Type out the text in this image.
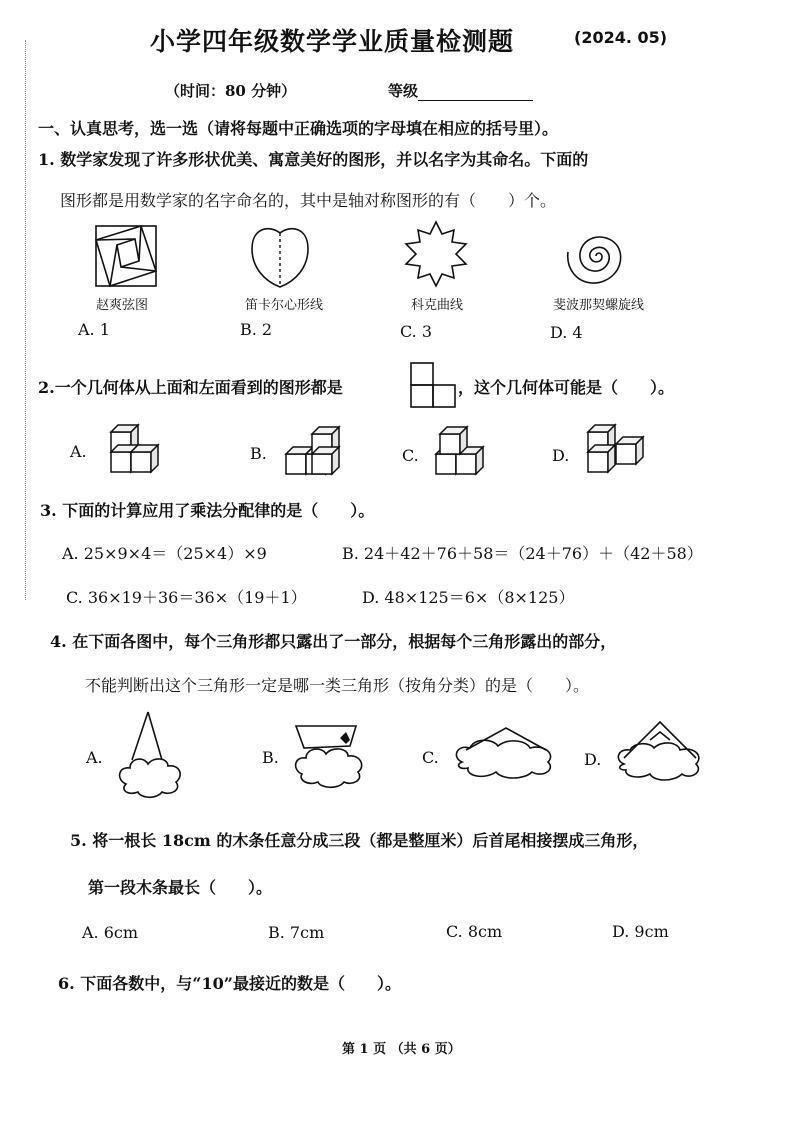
小学四年级数学学业质量检测题	(2024. 05)
（时间：80 分钟）	等级
一、认真思考，选一选（请将每题中正确选项的字母填在相应的括号里）。
1. 数学家发现了许多形状优美、寓意美好的图形，并以名字为其命名。下面的
图形都是用数学家的名字命名的，其中是轴对称图形的有（　　）个。
赵爽弦图	笛卡尔心形线	科克曲线	斐波那契螺旋线
A. 1	B. 2	C. 3	D. 4
2.一个几何体从上面和左面看到的图形都是	，这个几何体可能是（　　）。
A.	B.	C.	D.
3. 下面的计算应用了乘法分配律的是（　　）。
A. 25×9×4＝（25×4）×9	B. 24＋42＋76＋58＝（24＋76）＋（42＋58）
C. 36×19＋36＝36×（19＋1）	D. 48×125＝6×（8×125）
4. 在下面各图中，每个三角形都只露出了一部分，根据每个三角形露出的部分，
不能判断出这个三角形一定是哪一类三角形（按角分类）的是（　　）。
A.	B.	C.	D.
5. 将一根长 18cm 的木条任意分成三段（都是整厘米）后首尾相接摆成三角形，
第一段木条最长（　　）。
A. 6cm	B. 7cm	C. 8cm	D. 9cm
6. 下面各数中，与“10”最接近的数是（　　）。
第 1 页 （共 6 页）
